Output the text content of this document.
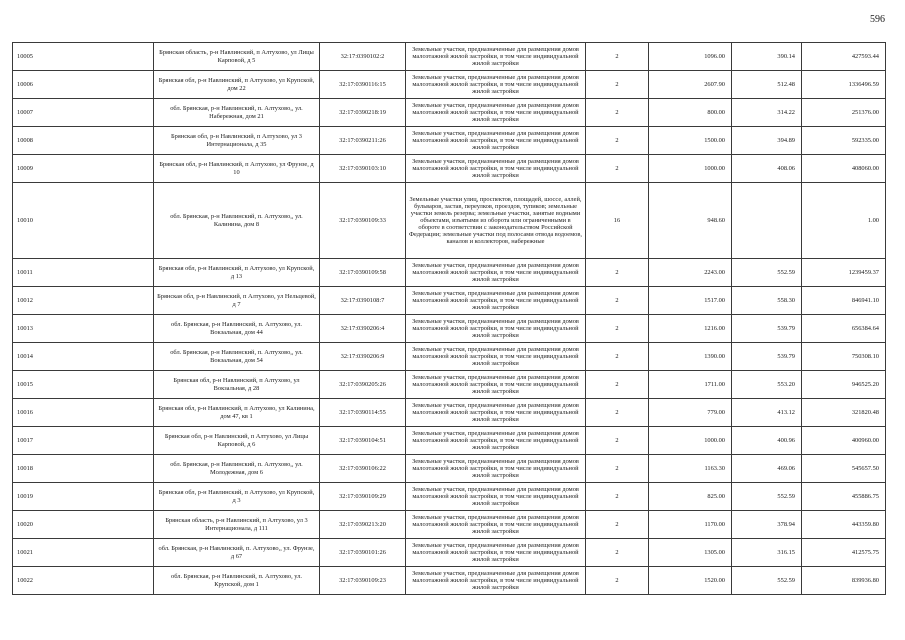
596
10005	Брянская область, р-н Навлинский, п Алтухово, ул Лицы Карповой, д 5	32:17:0390102:2	Земельные участки, предназначенные для размещения домов малоэтажной жилой застройки, в том числе индивидуальной жилой застройки	2	1096.00	390.14	427593.44
10006	Брянская обл, р-н Навлинский, п Алтухово, ул Крупской, дом 22	32:17:0390116:15	Земельные участки, предназначенные для размещения домов малоэтажной жилой застройки, в том числе индивидуальной жилой застройки	2	2607.90	512.48	1336496.59
10007	обл. Брянская, р-н Навлинский, п. Алтухово,, ул. Набережная, дом 21	32:17:0390218:19	Земельные участки, предназначенные для размещения домов малоэтажной жилой застройки, в том числе индивидуальной жилой застройки	2	800.00	314.22	251376.00
10008	Брянская обл, р-н Навлинский, п Алтухово, ул 3 Интернационала, д 35	32:17:0390211:26	Земельные участки, предназначенные для размещения домов малоэтажной жилой застройки, в том числе индивидуальной жилой застройки	2	1500.00	394.89	592335.00
10009	Брянская обл, р-н Навлинский, п Алтухово, ул Фрунзе, д 10	32:17:0390103:10	Земельные участки, предназначенные для размещения домов малоэтажной жилой застройки, в том числе индивидуальной жилой застройки	2	1000.00	408.06	408060.00
10010	обл. Брянская, р-н Навлинский, п. Алтухово,, ул. Калинина, дом 8	32:17:0390109:33	Земельные участки улиц, проспектов, площадей, шоссе, аллей, бульваров, застав, переулков, проездов, тупиков; земельные участки земель резерва; земельные участки, занятые водными объектами, изъятыми из оборота или ограниченными в обороте в соответствии с законодательством Российской Федерации; земельные участки под полосами отвода водоемов, каналов и коллекторов, набережные	16	948.60		1.00
10011	Брянская обл, р-н Навлинский, п Алтухово, ул Крупской, д 13	32:17:0390109:58	Земельные участки, предназначенные для размещения домов малоэтажной жилой застройки, в том числе индивидуальной жилой застройки	2	2243.00	552.59	1239459.37
10012	Брянская обл, р-н Навлинский, п Алтухово, ул Нельцевой, д 7	32:17:0390108:7	Земельные участки, предназначенные для размещения домов малоэтажной жилой застройки, в том числе индивидуальной жилой застройки	2	1517.00	558.30	846941.10
10013	обл. Брянская, р-н Навлинский, п. Алтухово, ул. Вокзальная, дом 44	32:17:0390206:4	Земельные участки, предназначенные для размещения домов малоэтажной жилой застройки, в том числе индивидуальной жилой застройки	2	1216.00	539.79	656384.64
10014	обл. Брянская, р-н Навлинский, п. Алтухово,, ул. Вокзальная, дом 54	32:17:0390206:9	Земельные участки, предназначенные для размещения домов малоэтажной жилой застройки, в том числе индивидуальной жилой застройки	2	1390.00	539.79	750308.10
10015	Брянская обл, р-н Навлинский, п Алтухово, ул Вокзальная, д 28	32:17:0390205:26	Земельные участки, предназначенные для размещения домов малоэтажной жилой застройки, в том числе индивидуальной жилой застройки	2	1711.00	553.20	946525.20
10016	Брянская обл, р-н Навлинский, п Алтухово, ул Калинина, дом 47, кв 1	32:17:0390114:55	Земельные участки, предназначенные для размещения домов малоэтажной жилой застройки, в том числе индивидуальной жилой застройки	2	779.00	413.12	321820.48
10017	Брянская обл, р-н Навлинский, п Алтухово, ул Лицы Карповой, д 6	32:17:0390104:51	Земельные участки, предназначенные для размещения домов малоэтажной жилой застройки, в том числе индивидуальной жилой застройки	2	1000.00	400.96	400960.00
10018	обл. Брянская, р-н Навлинский, п. Алтухово,, ул. Молодежная, дом 6	32:17:0390106:22	Земельные участки, предназначенные для размещения домов малоэтажной жилой застройки, в том числе индивидуальной жилой застройки	2	1163.30	469.06	545657.50
10019	Брянская обл, р-н Навлинский, п Алтухово, ул Крупской, д 3	32:17:0390109:29	Земельные участки, предназначенные для размещения домов малоэтажной жилой застройки, в том числе индивидуальной жилой застройки	2	825.00	552.59	455886.75
10020	Брянская область, р-н Навлинский, п Алтухово, ул 3 Интернационала, д 111	32:17:0390213:20	Земельные участки, предназначенные для размещения домов малоэтажной жилой застройки, в том числе индивидуальной жилой застройки	2	1170.00	378.94	443359.80
10021	обл. Брянская, р-н Навлинский, п. Алтухово,, ул. Фрунзе, д 67	32:17:0390101:26	Земельные участки, предназначенные для размещения домов малоэтажной жилой застройки, в том числе индивидуальной жилой застройки	2	1305.00	316.15	412575.75
10022	обл. Брянская, р-н Навлинский, п. Алтухово, ул. Крупской, дом 1	32:17:0390109:23	Земельные участки, предназначенные для размещения домов малоэтажной жилой застройки, в том числе индивидуальной жилой застройки	2	1520.00	552.59	839936.80
